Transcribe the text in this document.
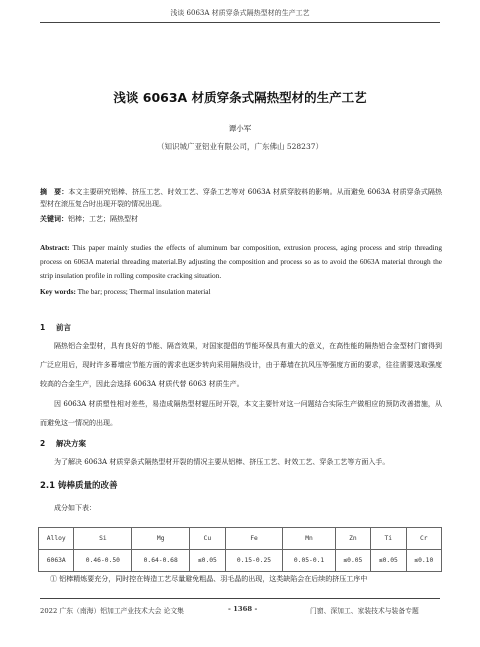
浅谈 6063A 材质穿条式隔热型材的生产工艺
浅谈 6063A 材质穿条式隔热型材的生产工艺
谭小军
（知识城广亚铝业有限公司，广东佛山 528237）
摘　要：本文主要研究铝棒、挤压工艺、时效工艺、穿条工艺等对 6063A 材质穿胶料的影响。从而避免 6063A 材质穿条式隔热型材在滚压复合时出现开裂的情况出现。
关键词：铝棒；工艺；隔热型材
Abstract: This paper mainly studies the effects of aluminum bar composition, extrusion process, aging process and strip threading process on 6063A material threading material.By adjusting the composition and process so as to avoid the 6063A material through the strip insulation profile in rolling composite cracking situation.
Key words: The bar; process; Thermal insulation material
1 前言
隔热铝合金型材，具有良好的节能、隔音效果，对国家提倡的节能环保具有重大的意义，在高性能的隔热铝合金型材门窗得到广泛应用后，现时许多幕墙应节能方面的需求也逐步转向采用隔热设计，由于幕墙在抗风压等强度方面的要求，往往需要选取强度较高的合金生产，因此会选择 6063A 材质代替 6063 材质生产。
因 6063A 材质塑性相对差些，易造成隔热型材辊压时开裂，本文主要针对这一问题结合实际生产做相应的预防改善措施，从而避免这一情况的出现。
2 解决方案
为了解决 6063A 材质穿条式隔热型材开裂的情况主要从铝棒、挤压工艺、时效工艺、穿条工艺等方面入手。
2.1 铸棒质量的改善
成分如下表：
Alloy	Si	Mg	Cu	Fe	Mn	Zn	Ti	Cr
6063A	0.46-0.50	0.64-0.68	≤0.05	0.15-0.25	0.05-0.1	≤0.05	≤0.05	≤0.10
① 铝棒精炼要充分，同时控在铸造工艺尽量避免粗晶、羽毛晶的出现，这类缺陷会在后续的挤压工序中
2022 广东（南海）铝加工产业技术大会 论文集	- 1368 -	门窗、深加工、家装技术与装备专题
